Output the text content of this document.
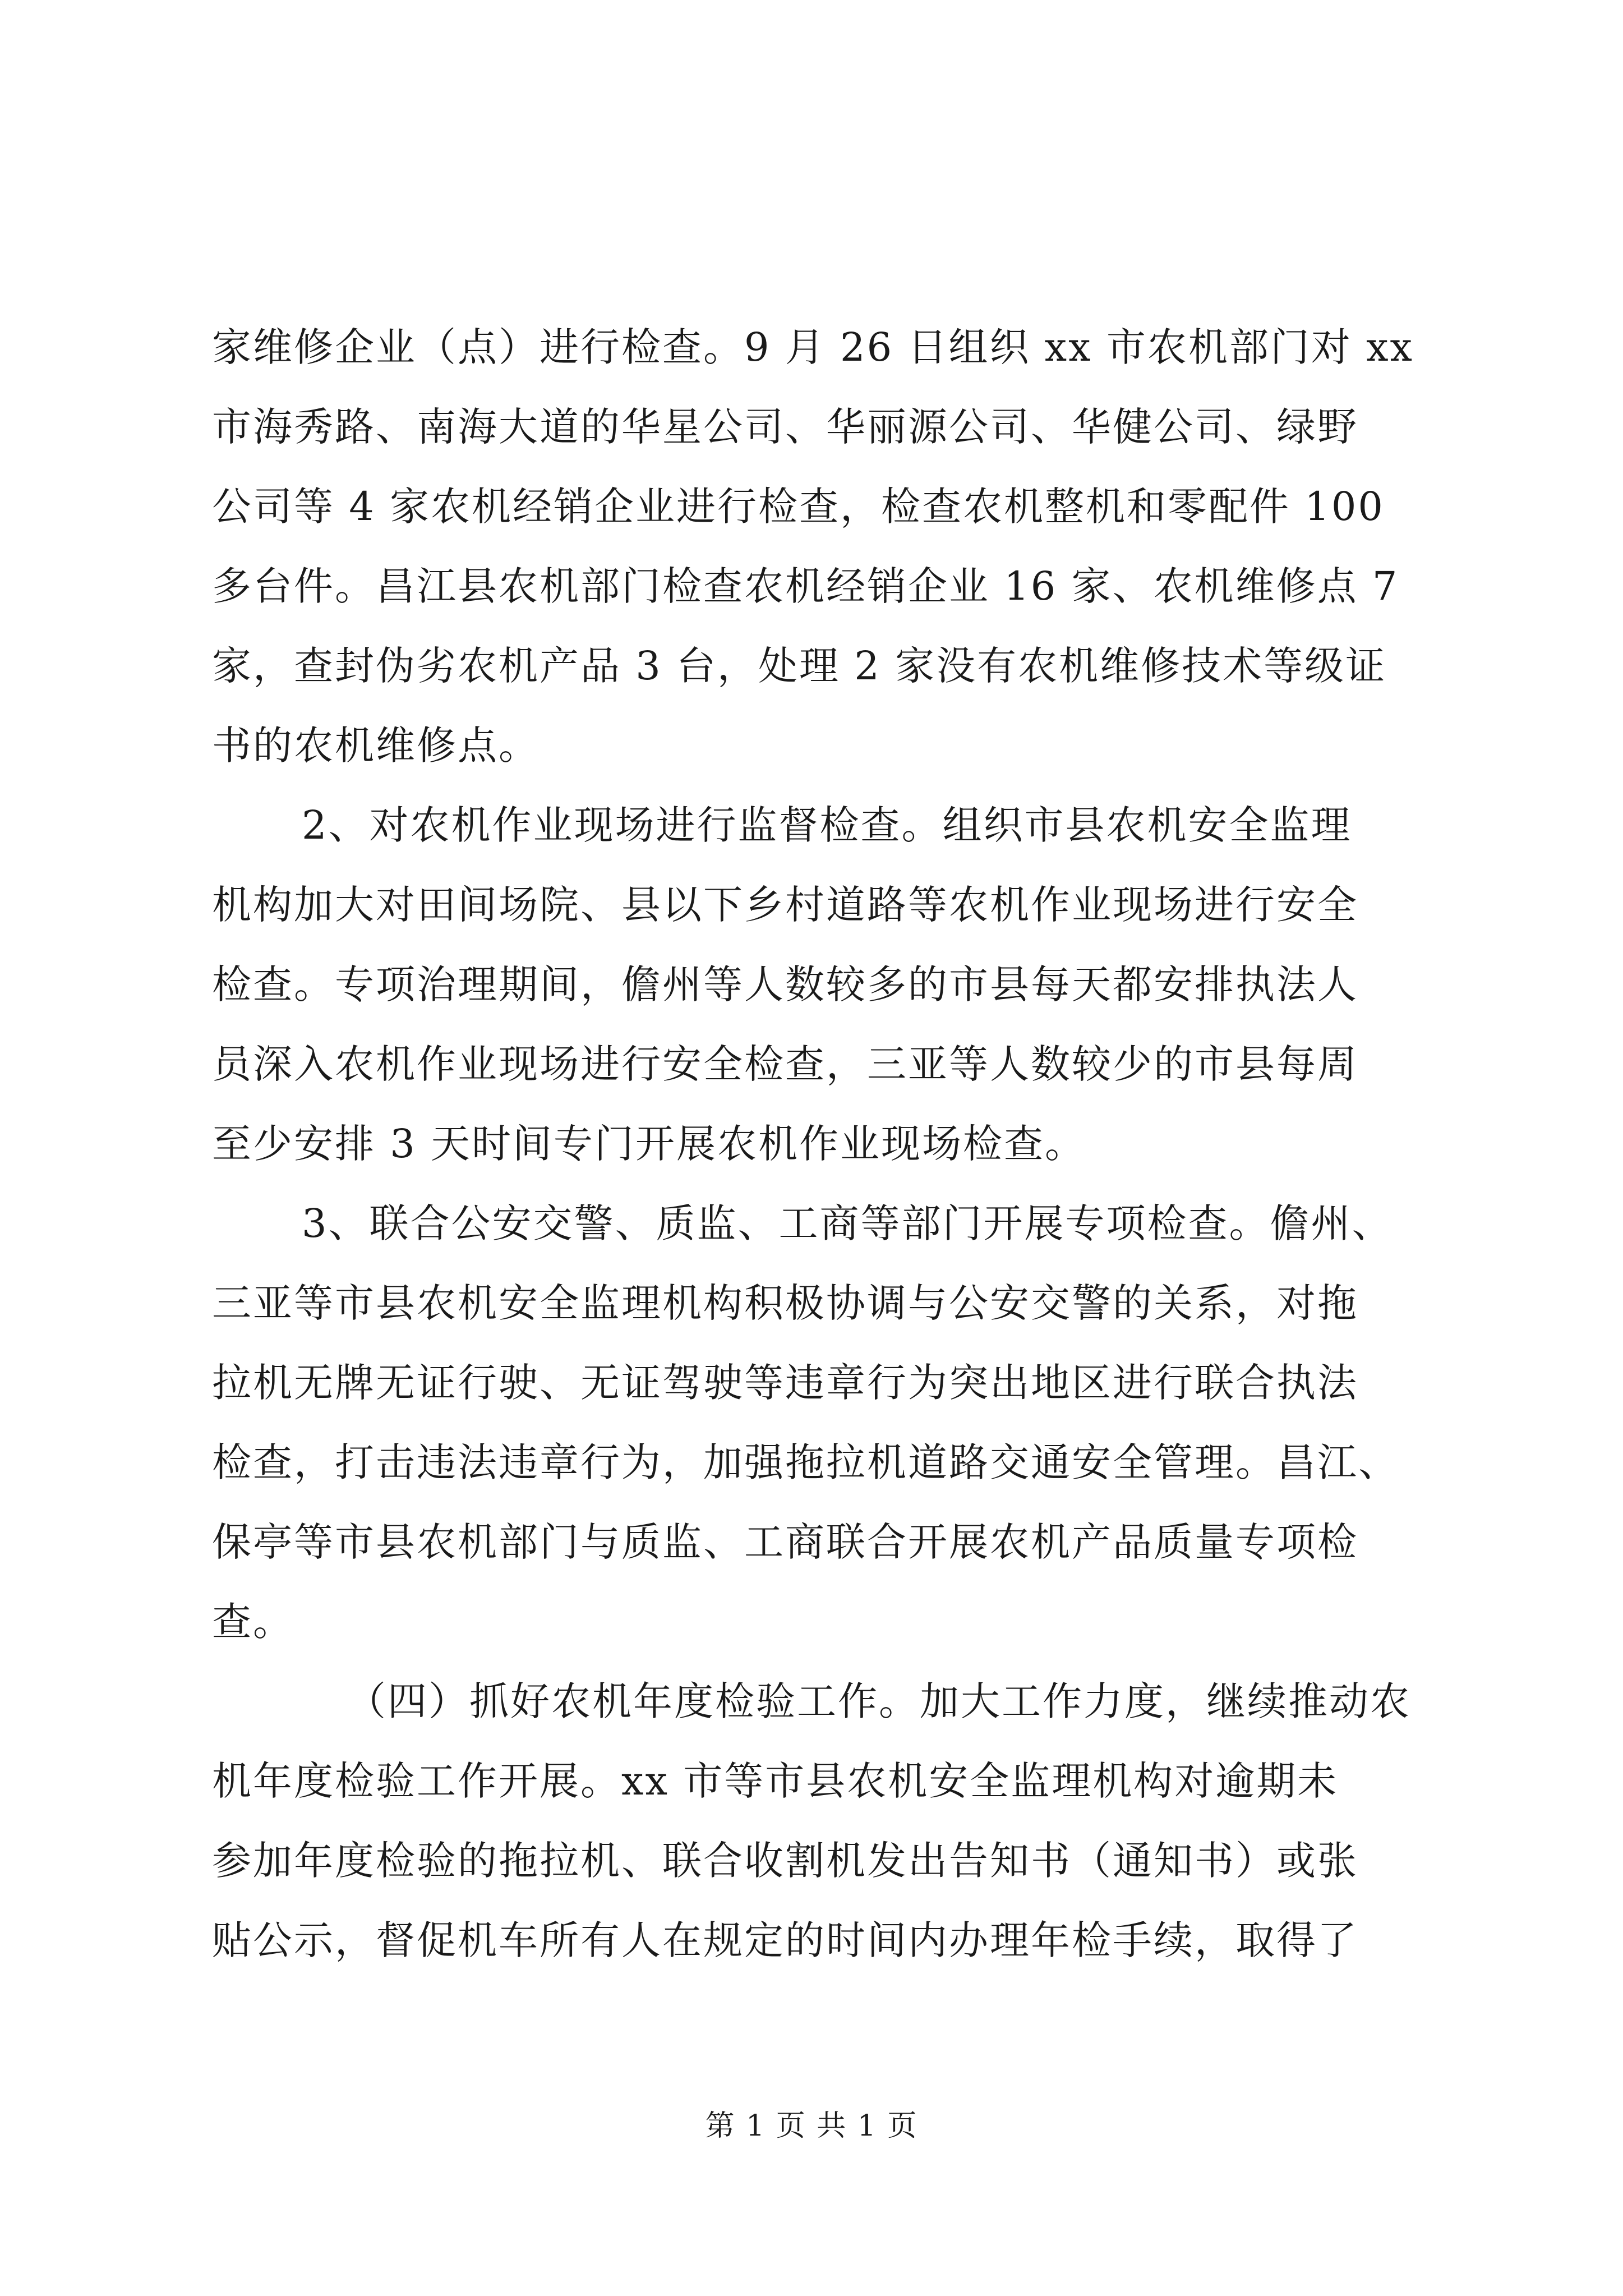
家维修企业（点）进行检查。9 月 26 日组织 xx 市农机部门对 xx
市海秀路、南海大道的华星公司、华丽源公司、华健公司、绿野
公司等 4 家农机经销企业进行检查，检查农机整机和零配件 100
多台件。昌江县农机部门检查农机经销企业 16 家、农机维修点 7
家，查封伪劣农机产品 3 台，处理 2 家没有农机维修技术等级证
书的农机维修点。
2、对农机作业现场进行监督检查。组织市县农机安全监理
机构加大对田间场院、县以下乡村道路等农机作业现场进行安全
检查。专项治理期间，儋州等人数较多的市县每天都安排执法人
员深入农机作业现场进行安全检查，三亚等人数较少的市县每周
至少安排 3 天时间专门开展农机作业现场检查。
3、联合公安交警、质监、工商等部门开展专项检查。儋州、
三亚等市县农机安全监理机构积极协调与公安交警的关系，对拖
拉机无牌无证行驶、无证驾驶等违章行为突出地区进行联合执法
检查，打击违法违章行为，加强拖拉机道路交通安全管理。昌江、
保亭等市县农机部门与质监、工商联合开展农机产品质量专项检
查。
（四）抓好农机年度检验工作。加大工作力度，继续推动农
机年度检验工作开展。xx 市等市县农机安全监理机构对逾期未
参加年度检验的拖拉机、联合收割机发出告知书（通知书）或张
贴公示，督促机车所有人在规定的时间内办理年检手续，取得了
第 1 页 共 1 页
